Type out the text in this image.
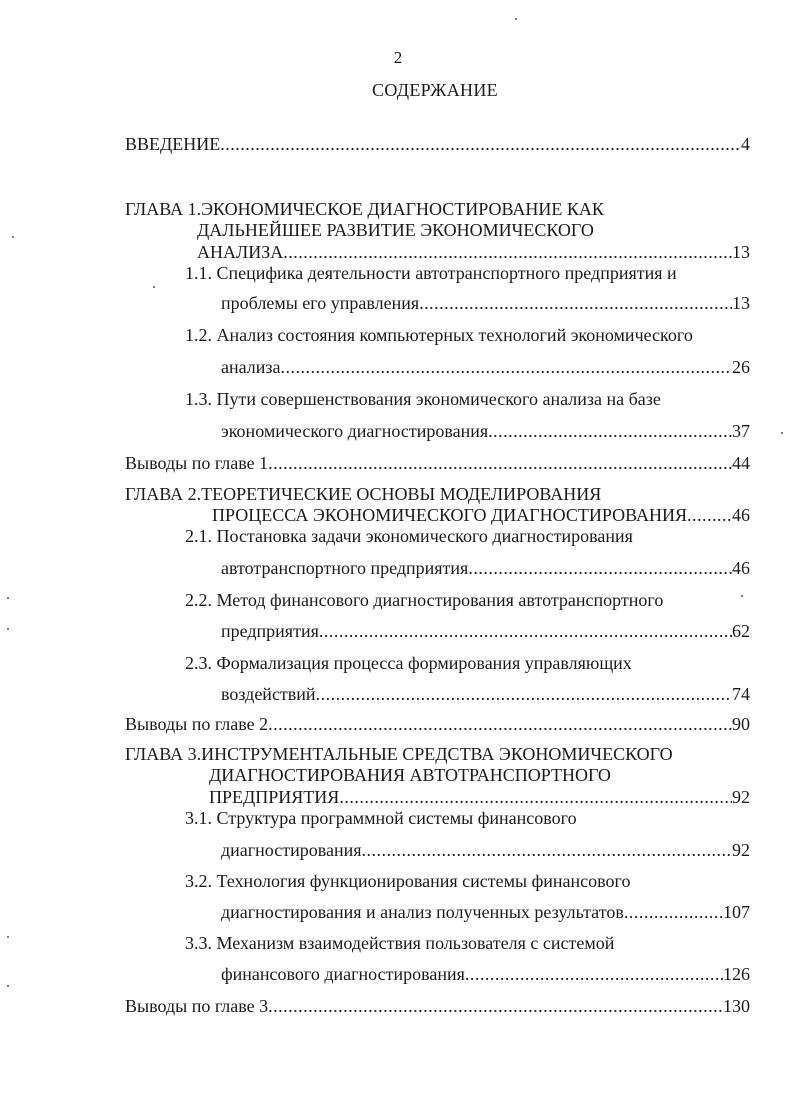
2
СОДЕРЖАНИЕ
ВВЕДЕНИЕ .....	4
ГЛАВА 1.ЭКОНОМИЧЕСКОЕ ДИАГНОСТИРОВАНИЕ КАК
ДАЛЬНЕЙШЕЕ РАЗВИТИЕ ЭКОНОМИЧЕСКОГО
АНАЛИЗА .....	13
1.1. Специфика деятельности автотранспортного предприятия и
проблемы его управления .....	13
1.2. Анализ состояния компьютерных технологий экономического
анализа .....	26
1.3. Пути совершенствования экономического анализа на базе
экономического диагностирования .....	37
Выводы по главе 1 .....	44
ГЛАВА 2.ТЕОРЕТИЧЕСКИЕ ОСНОВЫ МОДЕЛИРОВАНИЯ
ПРОЦЕССА ЭКОНОМИЧЕСКОГО ДИАГНОСТИРОВАНИЯ .....	46
2.1. Постановка задачи экономического диагностирования
автотранспортного предприятия .....	46
2.2. Метод финансового диагностирования автотранспортного
предприятия .....	62
2.3. Формализация процесса формирования управляющих
воздействий .....	74
Выводы по главе 2 .....	90
ГЛАВА 3.ИНСТРУМЕНТАЛЬНЫЕ СРЕДСТВА ЭКОНОМИЧЕСКОГО
ДИАГНОСТИРОВАНИЯ АВТОТРАНСПОРТНОГО
ПРЕДПРИЯТИЯ .....	92
3.1. Структура программной системы финансового
диагностирования .....	92
3.2. Технология функционирования системы финансового
диагностирования и анализ полученных результатов .....	107
3.3. Механизм взаимодействия пользователя с системой
финансового диагностирования .....	126
Выводы по главе 3 .....	130
